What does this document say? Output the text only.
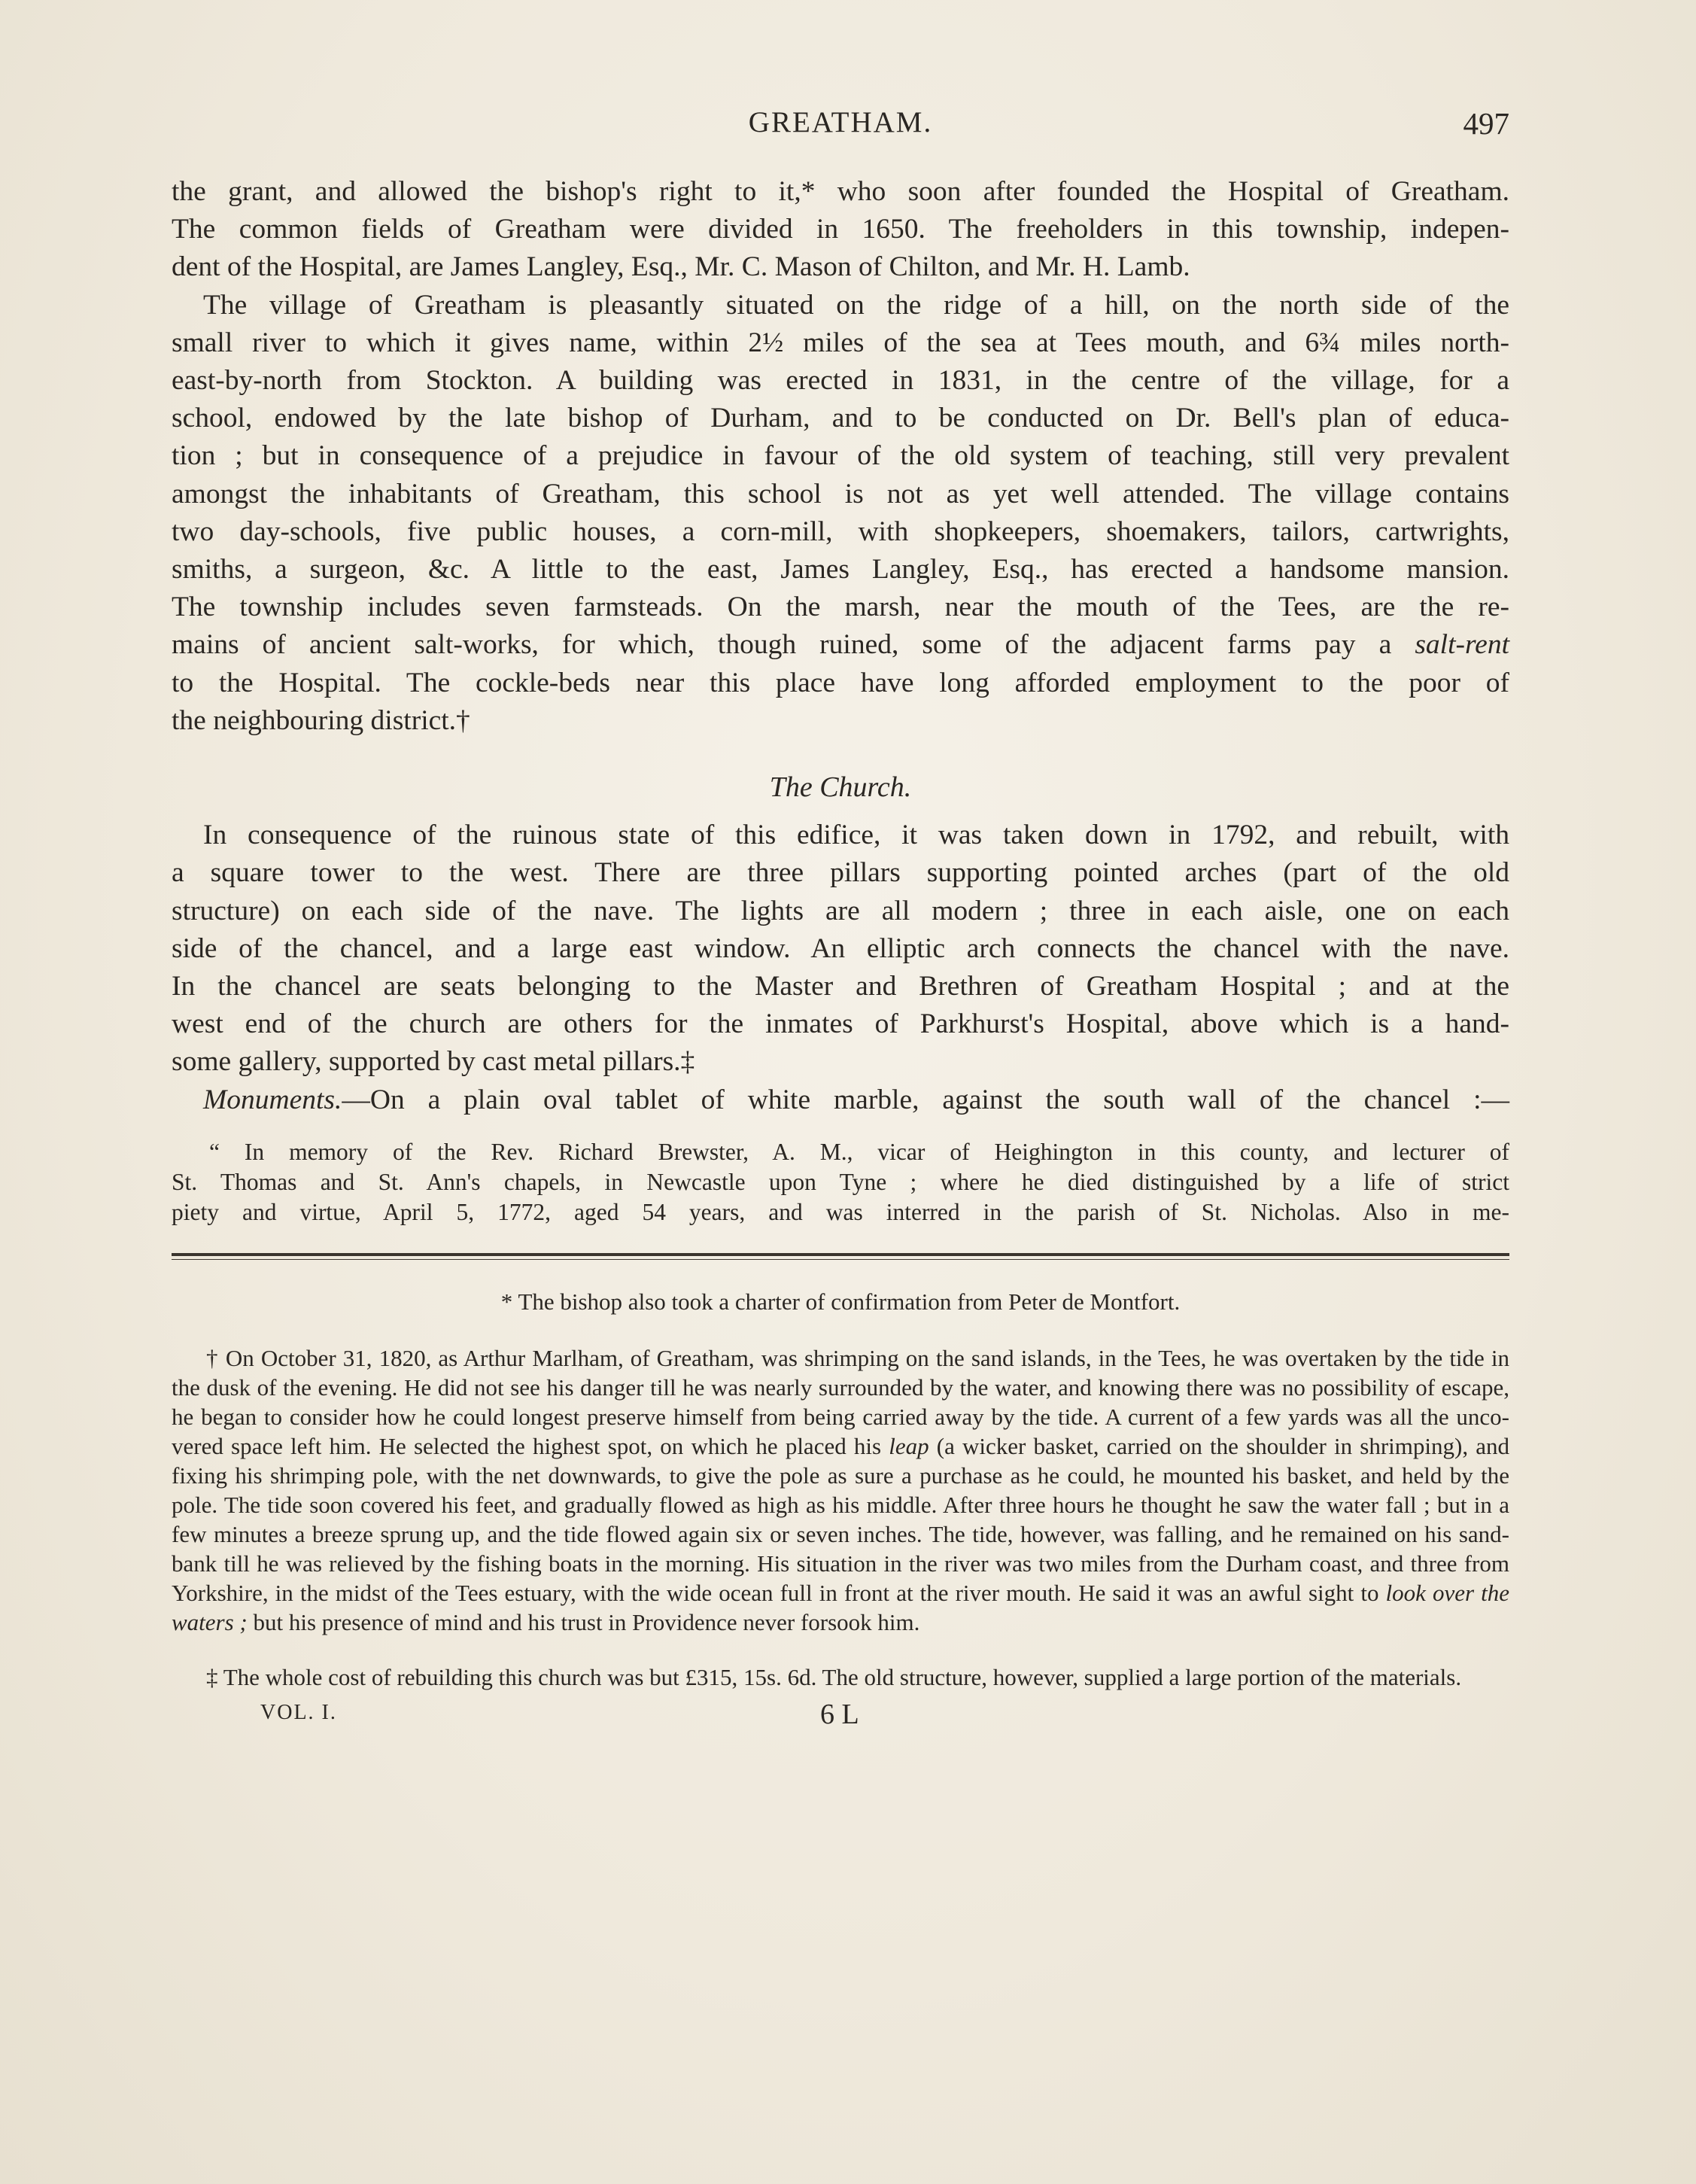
GREATHAM.	497

the grant, and allowed the bishop's right to it,* who soon after founded the Hospital of Greatham.

The common fields of Greatham were divided in 1650. The freeholders in this township, indepen-

dent of the Hospital, are James Langley, Esq., Mr. C. Mason of Chilton, and Mr. H. Lamb.

The village of Greatham is pleasantly situated on the ridge of a hill, on the north side of the

small river to which it gives name, within 2½ miles of the sea at Tees mouth, and 6¾ miles north-

east-by-north from Stockton. A building was erected in 1831, in the centre of the village, for a

school, endowed by the late bishop of Durham, and to be conducted on Dr. Bell's plan of educa-

tion ; but in consequence of a prejudice in favour of the old system of teaching, still very prevalent

amongst the inhabitants of Greatham, this school is not as yet well attended. The village contains

two day-schools, five public houses, a corn-mill, with shopkeepers, shoemakers, tailors, cartwrights,

smiths, a surgeon, &c. A little to the east, James Langley, Esq., has erected a handsome mansion.

The township includes seven farmsteads. On the marsh, near the mouth of the Tees, are the re-

mains of ancient salt-works, for which, though ruined, some of the adjacent farms pay a salt-rent

to the Hospital. The cockle-beds near this place have long afforded employment to the poor of

the neighbouring district.†

The Church.

In consequence of the ruinous state of this edifice, it was taken down in 1792, and rebuilt, with

a square tower to the west. There are three pillars supporting pointed arches (part of the old

structure) on each side of the nave. The lights are all modern ; three in each aisle, one on each

side of the chancel, and a large east window. An elliptic arch connects the chancel with the nave.

In the chancel are seats belonging to the Master and Brethren of Greatham Hospital ; and at the

west end of the church are others for the inmates of Parkhurst's Hospital, above which is a hand-

some gallery, supported by cast metal pillars.‡

Monuments.—On a plain oval tablet of white marble, against the south wall of the chancel :—

“ In memory of the Rev. Richard Brewster, A. M., vicar of Heighington in this county, and lecturer of

St. Thomas and St. Ann's chapels, in Newcastle upon Tyne ; where he died distinguished by a life of strict

piety and virtue, April 5, 1772, aged 54 years, and was interred in the parish of St. Nicholas. Also in me-

* The bishop also took a charter of confirmation from Peter de Montfort.
† On October 31, 1820, as Arthur Marlham, of Greatham, was shrimping on the sand islands, in the Tees, he was overtaken by the tide in the dusk of the evening. He did not see his danger till he was nearly surrounded by the water, and knowing there was no possibility of escape, he began to consider how he could longest preserve himself from being carried away by the tide. A current of a few yards was all the unco-vered space left him. He selected the highest spot, on which he placed his leap (a wicker basket, carried on the shoulder in shrimping), and fixing his shrimping pole, with the net downwards, to give the pole as sure a purchase as he could, he mounted his basket, and held by the pole. The tide soon covered his feet, and gradually flowed as high as his middle. After three hours he thought he saw the water fall ; but in a few minutes a breeze sprung up, and the tide flowed again six or seven inches. The tide, however, was falling, and he remained on his sand-bank till he was relieved by the fishing boats in the morning. His situation in the river was two miles from the Durham coast, and three from Yorkshire, in the midst of the Tees estuary, with the wide ocean full in front at the river mouth. He said it was an awful sight to look over the waters ; but his presence of mind and his trust in Providence never forsook him.
‡ The whole cost of rebuilding this church was but £315, 15s. 6d. The old structure, however, supplied a large portion of the materials.
VOL. I.	6 L
